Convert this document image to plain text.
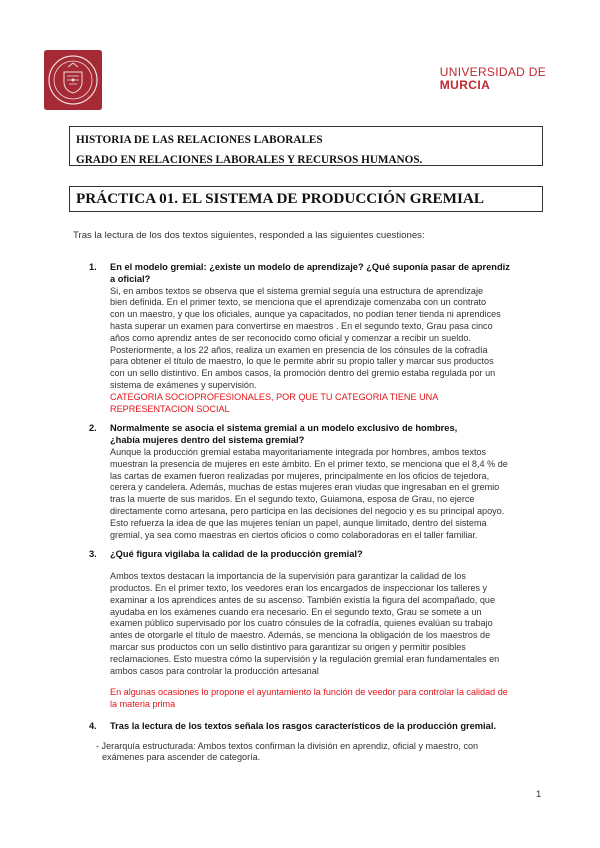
UNIVERSIDAD DE
MURCIA
HISTORIA DE LAS RELACIONES LABORALES
GRADO EN RELACIONES LABORALES Y RECURSOS HUMANOS.
PRÁCTICA 01. EL SISTEMA DE PRODUCCIÓN GREMIAL
Tras la lectura de los dos textos siguientes, responded a las siguientes cuestiones:
1. En el modelo gremial: ¿existe un modelo de aprendizaje? ¿Qué suponía pasar de aprendiz
a oficial?

Si, en ambos textos se observa que el sistema gremial seguía una estructura de aprendizaje

bien definida. En el primer texto, se menciona que el aprendizaje comenzaba con un contrato

con un maestro, y que los oficiales, aunque ya capacitados, no podían tener tienda ni aprendices

hasta superar un examen para convertirse en maestros . En el segundo texto, Grau pasa cinco

años como aprendiz antes de ser reconocido como oficial y comenzar a recibir un sueldo.

Posteriormente, a los 22 años, realiza un examen en presencia de los cónsules de la cofradía

para obtener el título de maestro, lo que le permite abrir su propio taller y marcar sus productos

con un sello distintivo. En ambos casos, la promoción dentro del gremio estaba regulada por un

sistema de exámenes y supervisión.

CATEGORIA SOCIOPROFESIONALES, POR QUE TU CATEGORIA TIENE UNA

REPRESENTACION SOCIAL

2. Normalmente se asocia el sistema gremial a un modelo exclusivo de hombres,
¿había mujeres dentro del sistema gremial?

Aunque la producción gremial estaba mayoritariamente integrada por hombres, ambos textos

muestran la presencia de mujeres en este ámbito. En el primer texto, se menciona que el 8,4 % de

las cartas de examen fueron realizadas por mujeres, principalmente en los oficios de tejedora,

cerera y candelera. Además, muchas de estas mujeres eran viudas que ingresaban en el gremio

tras la muerte de sus maridos. En el segundo texto, Guiamona, esposa de Grau, no ejerce

directamente como artesana, pero participa en las decisiones del negocio y es su principal apoyo.

Esto refuerza la idea de que las mujeres tenían un papel, aunque limitado, dentro del sistema

gremial, ya sea como maestras en ciertos oficios o como colaboradoras en el taller familiar.

3. ¿Qué figura vigilaba la calidad de la producción gremial?

Ambos textos destacan la importancia de la supervisión para garantizar la calidad de los

productos. En el primer texto, los veedores eran los encargados de inspeccionar los talleres y

examinar a los aprendices antes de su ascenso. También existía la figura del acompañado, que

ayudaba en los exámenes cuando era necesario. En el segundo texto, Grau se somete a un

examen público supervisado por los cuatro cónsules de la cofradía, quienes evalúan su trabajo

antes de otorgarle el título de maestro. Además, se menciona la obligación de los maestros de

marcar sus productos con un sello distintivo para garantizar su origen y permitir posibles

reclamaciones. Esto muestra cómo la supervisión y la regulación gremial eran fundamentales en

ambos casos para controlar la producción artesanal

En algunas ocasiones lo propone el ayuntamiento la función de veedor para controlar la calidad de

la materia prima

4. Tras la lectura de los textos señala los rasgos característicos de la producción gremial.

- Jerarquía estructurada: Ambos textos confirman la división en aprendiz, oficial y maestro, con

exámenes para ascender de categoría.

1
